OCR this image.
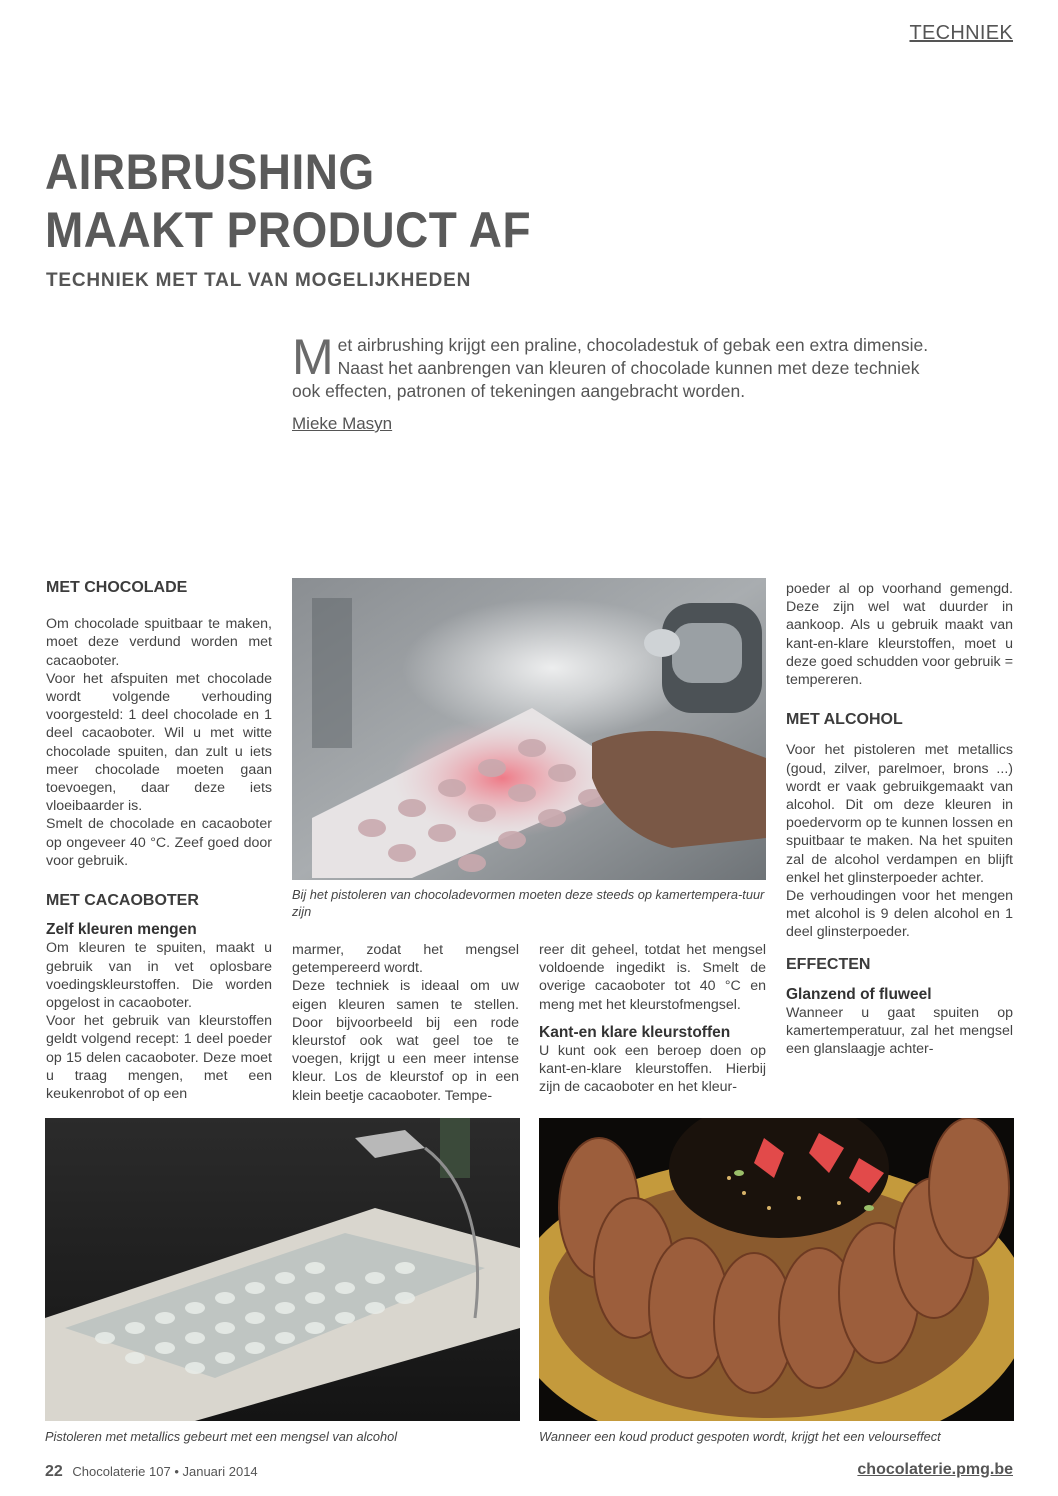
TECHNIEK
AIRBRUSHING
MAAKT PRODUCT AF
TECHNIEK MET TAL VAN MOGELIJKHEDEN
M et airbrushing krijgt een praline, chocoladestuk of gebak een extra dimensie. Naast het aanbrengen van kleuren of chocolade kunnen met deze techniek ook effecten, patronen of tekeningen aangebracht worden.
Mieke Masyn
MET CHOCOLADE

Om chocolade spuitbaar te maken, moet deze verdund worden met cacaoboter.

Voor het afspuiten met chocolade wordt volgende verhouding voorgesteld: 1 deel chocolade en 1 deel cacaoboter. Wil u met witte chocolade spuiten, dan zult u iets meer chocolade moeten gaan toevoegen, daar deze iets vloeibaarder is.

Smelt de chocolade en cacaoboter op ongeveer 40 °C. Zeef goed door voor gebruik.

MET CACAOBOTER
Zelf kleuren mengen

Om kleuren te spuiten, maakt u gebruik van in vet oplosbare voedingskleurstoffen. Die worden opgelost in cacaoboter.

Voor het gebruik van kleurstoffen geldt volgend recept: 1 deel poeder op 15 delen cacaoboter. Deze moet u traag mengen, met een keukenrobot of op een

marmer, zodat het mengsel getempereerd wordt.

Deze techniek is ideaal om uw eigen kleuren samen te stellen. Door bijvoorbeeld bij een rode kleurstof ook wat geel toe te voegen, krijgt u een meer intense kleur. Los de kleurstof op in een klein beetje cacaoboter. Tempe-

reer dit geheel, totdat het mengsel voldoende ingedikt is. Smelt de overige cacaoboter tot 40 °C en meng met het kleurstofmengsel.

Kant-en klare kleurstoffen

U kunt ook een beroep doen op kant-en-klare kleurstoffen. Hierbij zijn de cacaoboter en het kleur-

poeder al op voorhand gemengd. Deze zijn wel wat duurder in aankoop. Als u gebruik maakt van kant-en-klare kleurstoffen, moet u deze goed schudden voor gebruik = tempereren.

MET ALCOHOL

Voor het pistoleren met metallics (goud, zilver, parelmoer, brons ...) wordt er vaak gebruikgemaakt van alcohol. Dit om deze kleuren in poedervorm op te kunnen lossen en spuitbaar te maken. Na het spuiten zal de alcohol verdampen en blijft enkel het glinsterpoeder achter.

De verhoudingen voor het mengen met alcohol is 9 delen alcohol en 1 deel glinsterpoeder.

EFFECTEN
Glanzend of fluweel

Wanneer u gaat spuiten op kamertemperatuur, zal het mengsel een glanslaagje achter-

Bij het pistoleren van chocoladevormen moeten deze steeds op kamertempera-tuur zijn
Pistoleren met metallics gebeurt met een mengsel van alcohol	Wanneer een koud product gespoten wordt, krijgt het een velourseffect
22 Chocolaterie 107 • Januari 2014	chocolaterie.pmg.be
